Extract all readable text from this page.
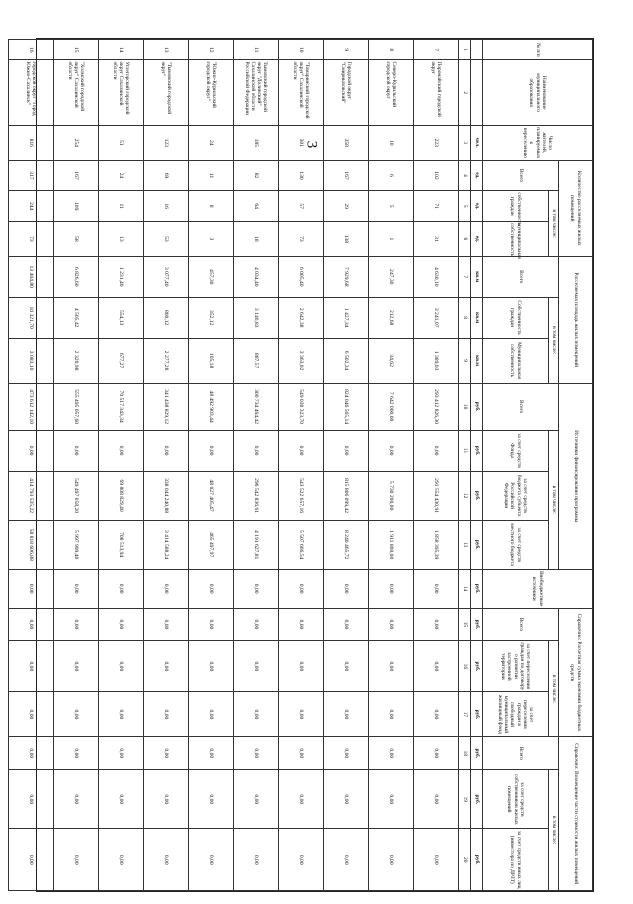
3
№ п/п	Наименование муниципального образования	Число жителей, планируемых к переселению	Количество расселяемых жилых помещений			Расселяемая площадь жилых помещений			Источники финансирования программы				Внебюджетные источники	Справочно: Расчетная сумма экономии бюджетных средств			Справочно: Возмещение части стоимости жилых помещений		
			Всего	в том числе:		Всего	в том числе:		Всего	в том числе:				Всего	в том числе:		Всего	в том числе:	
				собственность граждан	муниципальная собственность		Собственность граждан	Муниципальная собственность		за счет средств Фонда	за счет средств бюджета субъекта Российской Федерации	за счет средств местного бюджета			за счет переселения граждан по договору о развитии застроенной территории	за счет переселения граждан в свободный муниципальный жилищный фонд		за счет средств собственников жилых помещений	за счет средств иных лиц (инвестора по ДРЗТ)
		чел.	ед.	ед.	ед.	кв.м	кв.м	кв.м	руб.	руб.	руб.	руб.	руб.	руб.	руб.	руб.	руб.	руб.	руб.
1	2	3	4	5	6	7	8	9	10	11	12	13	14	15	16	17	18	19	20
7	Поронайский городской округ	223	102	71	31	4 630,10	3 241,07	1 389,03	293 412 826,30	0,00	291 554 430,91	1 858 395,39	0,00	0,00	0,00	0,00	0,00	0,00	0,00
8	Северо-Курильский городской округ	10	6	5	1	247,30	212,68	34,62	7 642 000,00	0,00	5 730 200,00	1 911 800,00	0,00	0,00	0,00	0,00	0,00	0,00	0,00
9	Городской округ "Смирныховский"	358	167	29	138	7 929,68	1 427,34	6 502,34	824 046 565,14	0,00	815 806 099,42	8 240 465,72	0,00	0,00	0,00	0,00	0,00	0,00	0,00
10	"Томаринский городской округ" Сахалинской области	301	130	57	73	6 005,40	2 642,38	3 363,02	549 030 323,70	0,00	543 522 657,16	5 507 666,54	0,00	0,00	0,00	0,00	0,00	0,00	0,00
11	Тымовский городской округ "Долинский" Сахалинской области Российской Федерации	185	82	64	18	4 034,40	3 146,83	887,57	300 734 464,42	0,00	296 542 836,61	4 191 627,81	0,00	0,00	0,00	0,00	0,00	0,00	0,00
12	"Южно-Курильский городской округ"	24	11	8	3	457,30	352,12	105,18	48 492 903,44	0,00	48 027 405,47	465 497,97	0,00	0,00	0,00	0,00	0,00	0,00	0,00
13	"Тымовский городской округ"	123	69	16	53	3 077,40	800,12	2 277,28	341 438 829,12	0,00	338 044 240,88	3 414 588,24	0,00	0,00	0,00	0,00	0,00	0,00	0,00
14	Углегорский городской округ Сахалинской области	51	24	11	13	1 231,40	554,13	677,27	70 517 343,34	0,00	69 808 829,40	708 513,94	0,00	0,00	0,00	0,00	0,00	0,00	0,00
15	"Холмский городской округ" Сахалинской области	254	167	109	58	6 826,60	4 505,42	2 320,98	555 495 057,60	0,00	549 497 058,20	5 997 999,40	0,00	0,00	0,00	0,00	0,00	0,00	0,00
16	городской округ "Город Южно-Сахалинск"	816	317	244	73	13 404,80	10 321,70	3 083,10	473 612 142,10	0,00	414 793 535,22	58 818 606,88	0,00	0,00	0,00	0,00	0,00	0,00	0,00
